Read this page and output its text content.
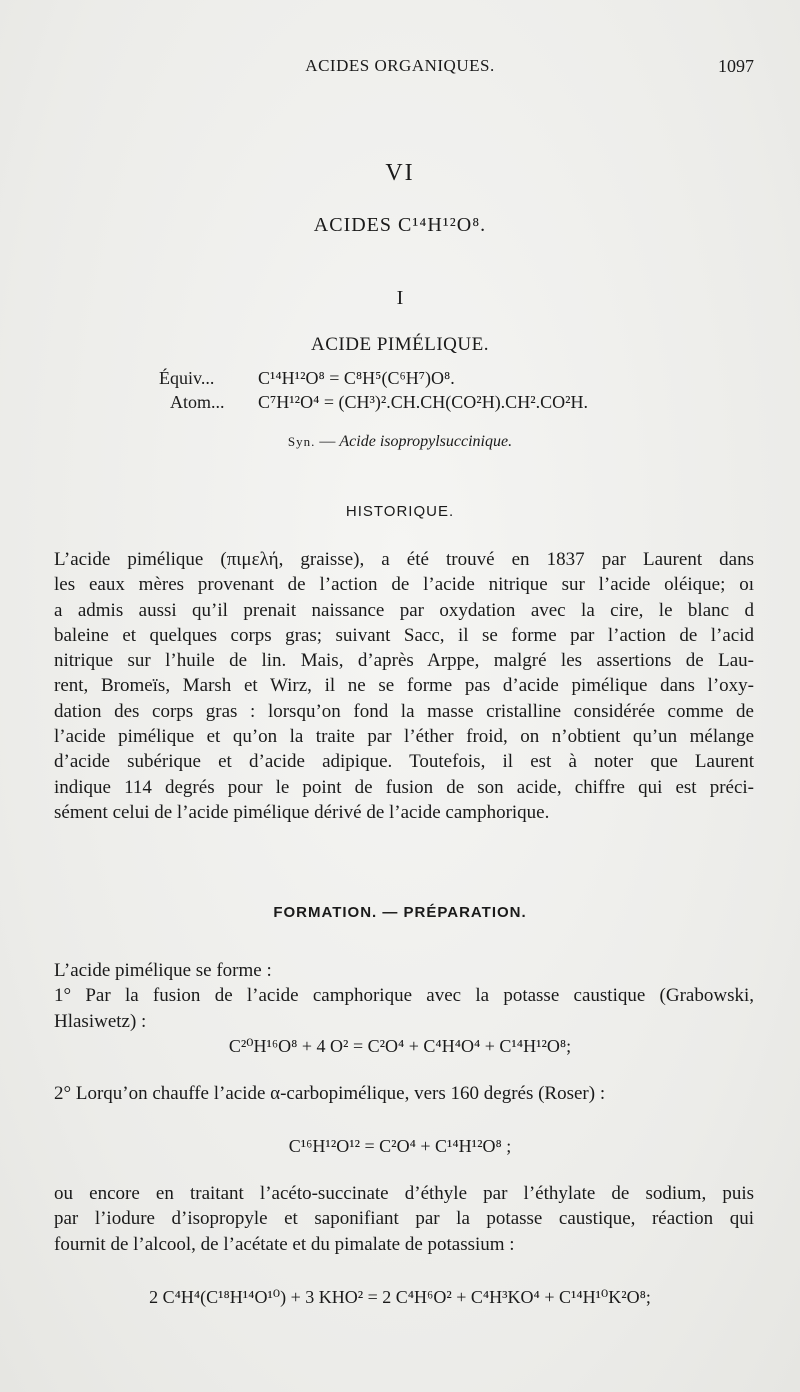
ACIDES ORGANIQUES.	1097
VI
ACIDES C¹⁴H¹²O⁸.
I
ACIDE PIMÉLIQUE.
Équiv... C¹⁴H¹²O⁸ = C⁸H⁵(C⁶H⁷)O⁸.
Atom... C⁷H¹²O⁴ = (CH³)².CH.CH(CO²H).CH².CO²H.
Syn. — Acide isopropylsuccinique.
HISTORIQUE.
L’acide pimélique (πιμελή, graisse), a été trouvé en 1837 par Laurent dans
les eaux mères provenant de l’action de l’acide nitrique sur l’acide oléique; oı
a admis aussi qu’il prenait naissance par oxydation avec la cire, le blanc d
baleine et quelques corps gras; suivant Sacc, il se forme par l’action de l’acid
nitrique sur l’huile de lin. Mais, d’après Arppe, malgré les assertions de Lau-
rent, Bromeïs, Marsh et Wirz, il ne se forme pas d’acide pimélique dans l’oxy-
dation des corps gras : lorsqu’on fond la masse cristalline considérée comme de
l’acide pimélique et qu’on la traite par l’éther froid, on n’obtient qu’un mélange
d’acide subérique et d’acide adipique. Toutefois, il est à noter que Laurent
indique 114 degrés pour le point de fusion de son acide, chiffre qui est préci-
sément celui de l’acide pimélique dérivé de l’acide camphorique.
FORMATION. — PRÉPARATION.
L’acide pimélique se forme :
1° Par la fusion de l’acide camphorique avec la potasse caustique (Grabowski,
Hlasiwetz) :
C²⁰H¹⁶O⁸ + 4 O² = C²O⁴ + C⁴H⁴O⁴ + C¹⁴H¹²O⁸;
2° Lorqu’on chauffe l’acide α-carbopimélique, vers 160 degrés (Roser) :
C¹⁶H¹²O¹² = C²O⁴ + C¹⁴H¹²O⁸ ;
ou encore en traitant l’acéto-succinate d’éthyle par l’éthylate de sodium, puis
par l’iodure d’isopropyle et saponifiant par la potasse caustique, réaction qui
fournit de l’alcool, de l’acétate et du pimalate de potassium :
2 C⁴H⁴(C¹⁸H¹⁴O¹⁰) + 3 KHO² = 2 C⁴H⁶O² + C⁴H³KO⁴ + C¹⁴H¹⁰K²O⁸;
